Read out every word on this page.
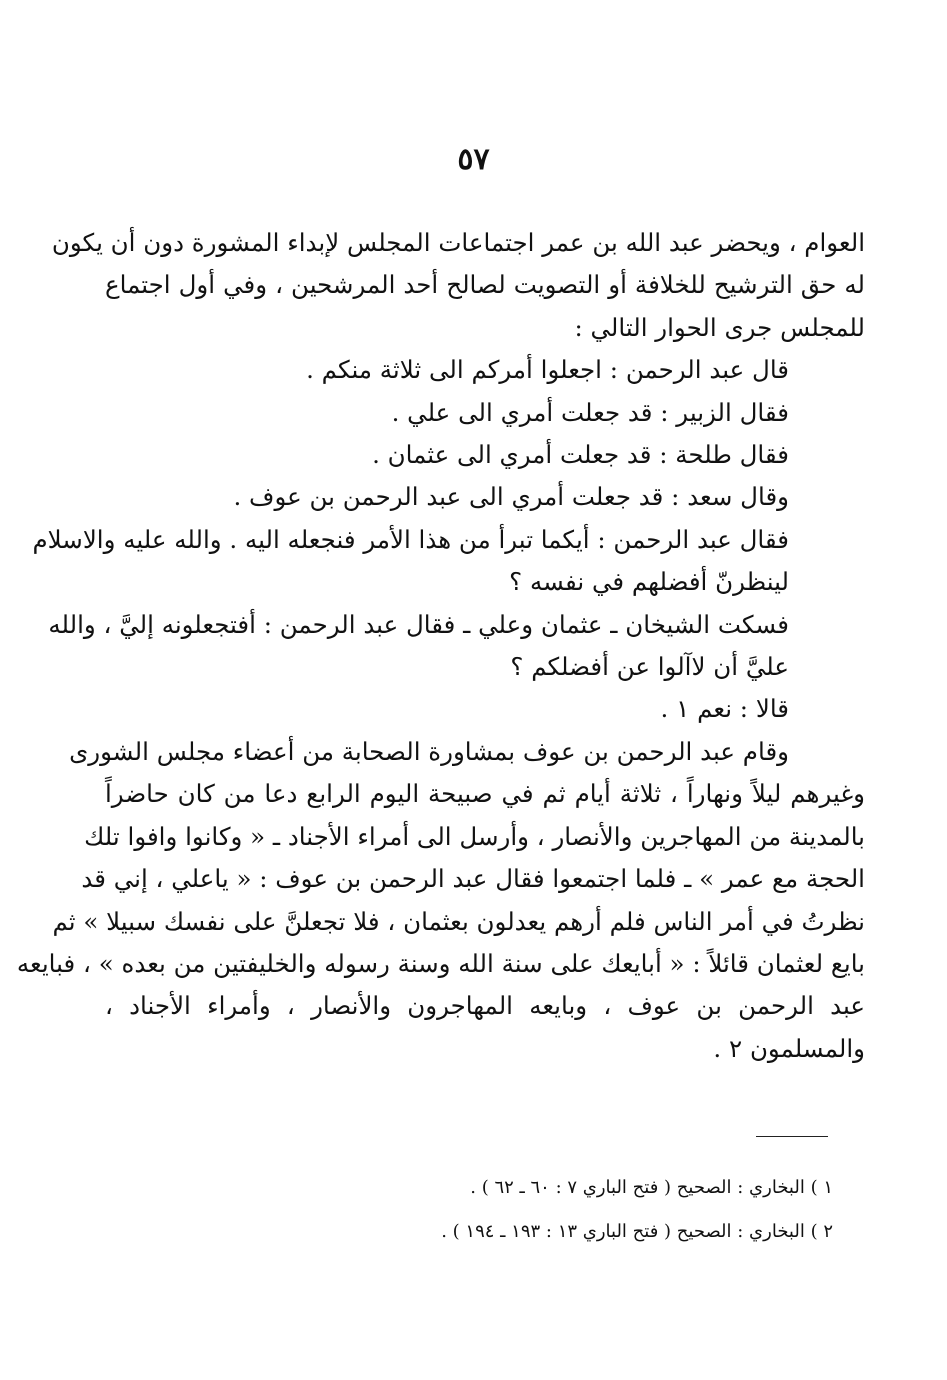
٥٧
العوام ، ويحضر عبد الله بن عمر اجتماعات المجلس لإبداء المشورة دون أن يكون
له حق الترشيح للخلافة أو التصويت لصالح أحد المرشحين ، وفي أول اجتماع
للمجلس جرى الحوار التالي :
قال عبد الرحمن : اجعلوا أمركم الى ثلاثة منكم .
فقال الزبير : قد جعلت أمري الى علي .
فقال طلحة : قد جعلت أمري الى عثمان .
وقال سعد : قد جعلت أمري الى عبد الرحمن بن عوف .
فقال عبد الرحمن : أيكما تبرأ من هذا الأمر فنجعله اليه . والله عليه والاسلام
لينظرنّ أفضلهم في نفسه ؟
فسكت الشيخان ـ عثمان وعلي ـ فقال عبد الرحمن : أفتجعلونه إليَّ ، والله
عليَّ أن لاآلوا عن أفضلكم ؟
قالا : نعم ١ .
وقام عبد الرحمن بن عوف بمشاورة الصحابة من أعضاء مجلس الشورى
وغيرهم ليلاً ونهاراً ، ثلاثة أيام ثم في صبيحة اليوم الرابع دعا من كان حاضراً
بالمدينة من المهاجرين والأنصار ، وأرسل الى أمراء الأجناد ـ « وكانوا وافوا تلك
الحجة مع عمر » ـ فلما اجتمعوا فقال عبد الرحمن بن عوف : « ياعلي ، إني قد
نظرتُ في أمر الناس فلم أرهم يعدلون بعثمان ، فلا تجعلنَّ على نفسك سبيلا » ثم
بايع لعثمان قائلاً : « أبايعك على سنة الله وسنة رسوله والخليفتين من بعده » ، فبايعه
عبد الرحمن بن عوف ، وبايعه المهاجرون والأنصار ، وأمراء الأجناد ،
والمسلمون ٢ .
١ ) البخاري : الصحيح ( فتح الباري ٧ : ٦٠ ـ ٦٢ ) .
٢ ) البخاري : الصحيح ( فتح الباري ١٣ : ١٩٣ ـ ١٩٤ ) .
